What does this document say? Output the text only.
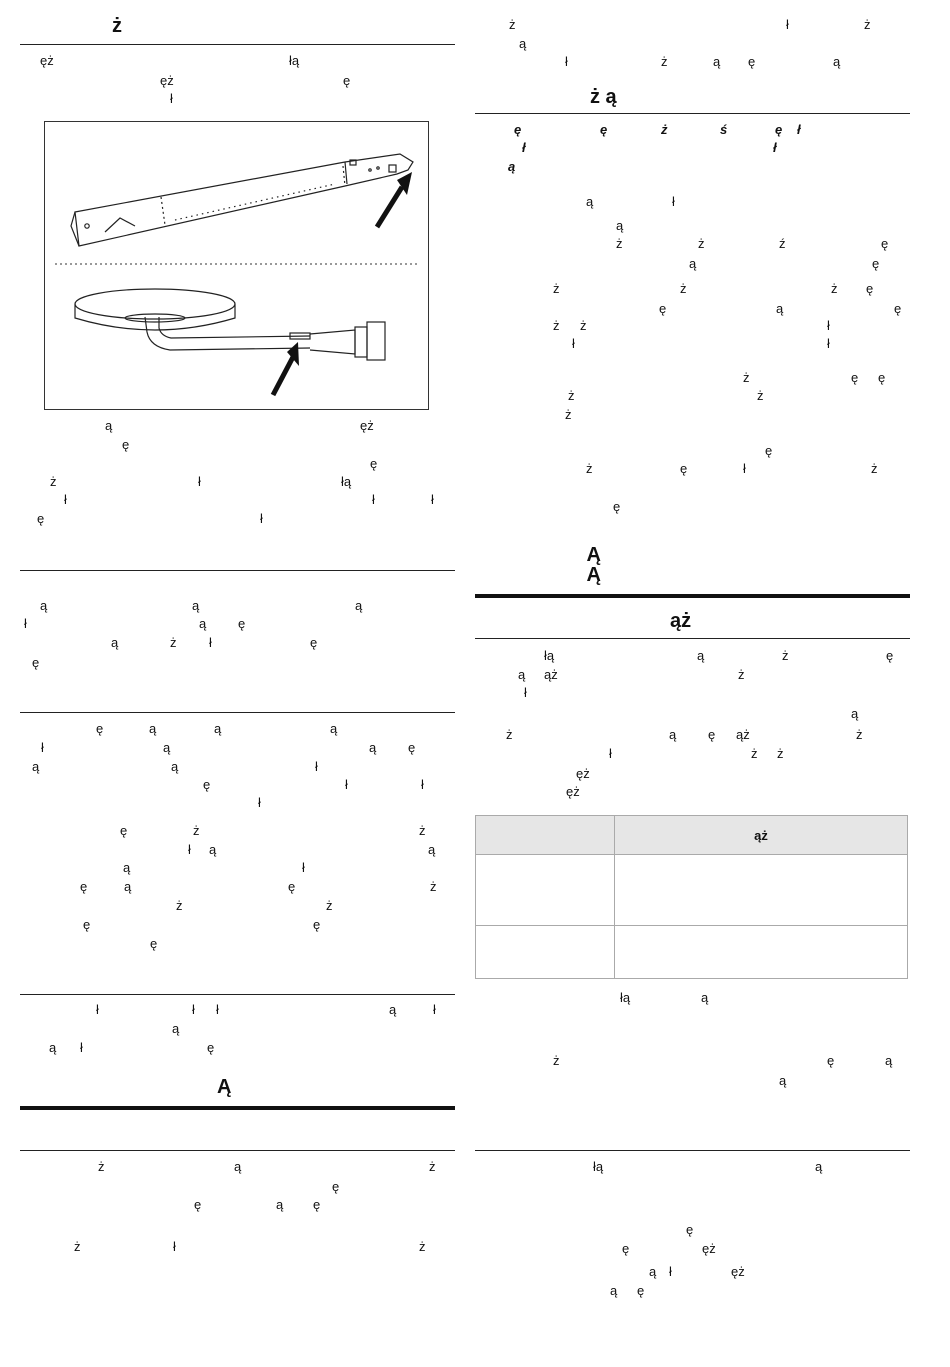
ż
ęż	łą
ęż	ę
ł
ą	ęż
ę
ę
ż	ł	łą
ł	ł	ł
ę	ł
ą	ą	ą
ł	ą ę
ą	ż	ł	ę
ę
ę	ą	ą	ą
ł	ą	ą ę
ą	ą	ł
ę	ł	ł
ł
ę	ż	ż
ł ą	ą
ą	ł
ę	ą	ę	ż
ż	ż
ę	ę
ę
ł	ł ł	ą	ł
ą
ą ł	ę
Ą
ż	ą	ż
ę
ę	ą ę
ż	ł	ż
ż	ł	ż
ą
ł	ż	ą ę	ą
ż ą
ę	ę	ż	ś	ę ł
ł	ł
ą
ą	ł
ą
ż	ż	ź	ę
ą	ę
ż	ż	ż ę
ę	ą	ę
ż ż	ł
ł	ł
ż	ę ę
ż	ż
ż
ę
ż	ę	ł	ż
ę
Ą Ą
ąż
łą	ą	ż	ę
ą ąż	ż
ł
ą
ż	ą ę ąż	ż
ł	ż ż
ęż
ęż
	ąż

łą	ą
ż	ę	ą
ą
łą	ą
ę
ę	ęż
ą ł	ęż
ą ę
